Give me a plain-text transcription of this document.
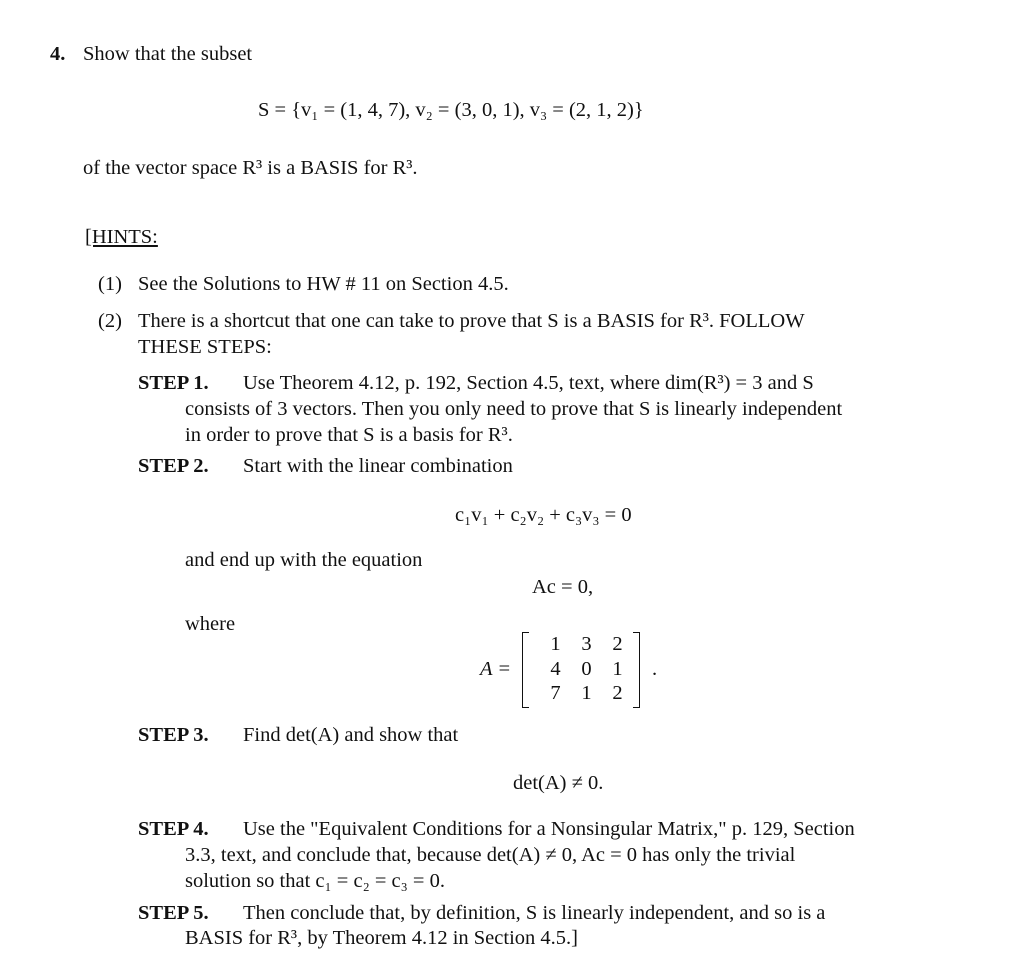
4. Show that the subset
S = {v₁ = (1, 4, 7), v₂ = (3, 0, 1), v₃ = (2, 1, 2)}
of the vector space R³ is a BASIS for R³.
[HINTS:
(1) See the Solutions to HW # 11 on Section 4.5.
(2) There is a shortcut that one can take to prove that S is a BASIS for R³. FOLLOW
THESE STEPS:
STEP 1. Use Theorem 4.12, p. 192, Section 4.5, text, where dim(R³) = 3 and S
consists of 3 vectors. Then you only need to prove that S is linearly independent
in order to prove that S is a basis for R³.
STEP 2. Start with the linear combination
c₁v₁ + c₂v₂ + c₃v₃ = 0
and end up with the equation
Ac = 0,
where
A =
1	3	2
4	0	1
7	1	2
.
STEP 3. Find det(A) and show that
det(A) ≠ 0.
STEP 4. Use the "Equivalent Conditions for a Nonsingular Matrix," p. 129, Section
3.3, text, and conclude that, because det(A) ≠ 0, Ac = 0 has only the trivial
solution so that c₁ = c₂ = c₃ = 0.
STEP 5. Then conclude that, by definition, S is linearly independent, and so is a
BASIS for R³, by Theorem 4.12 in Section 4.5.]
